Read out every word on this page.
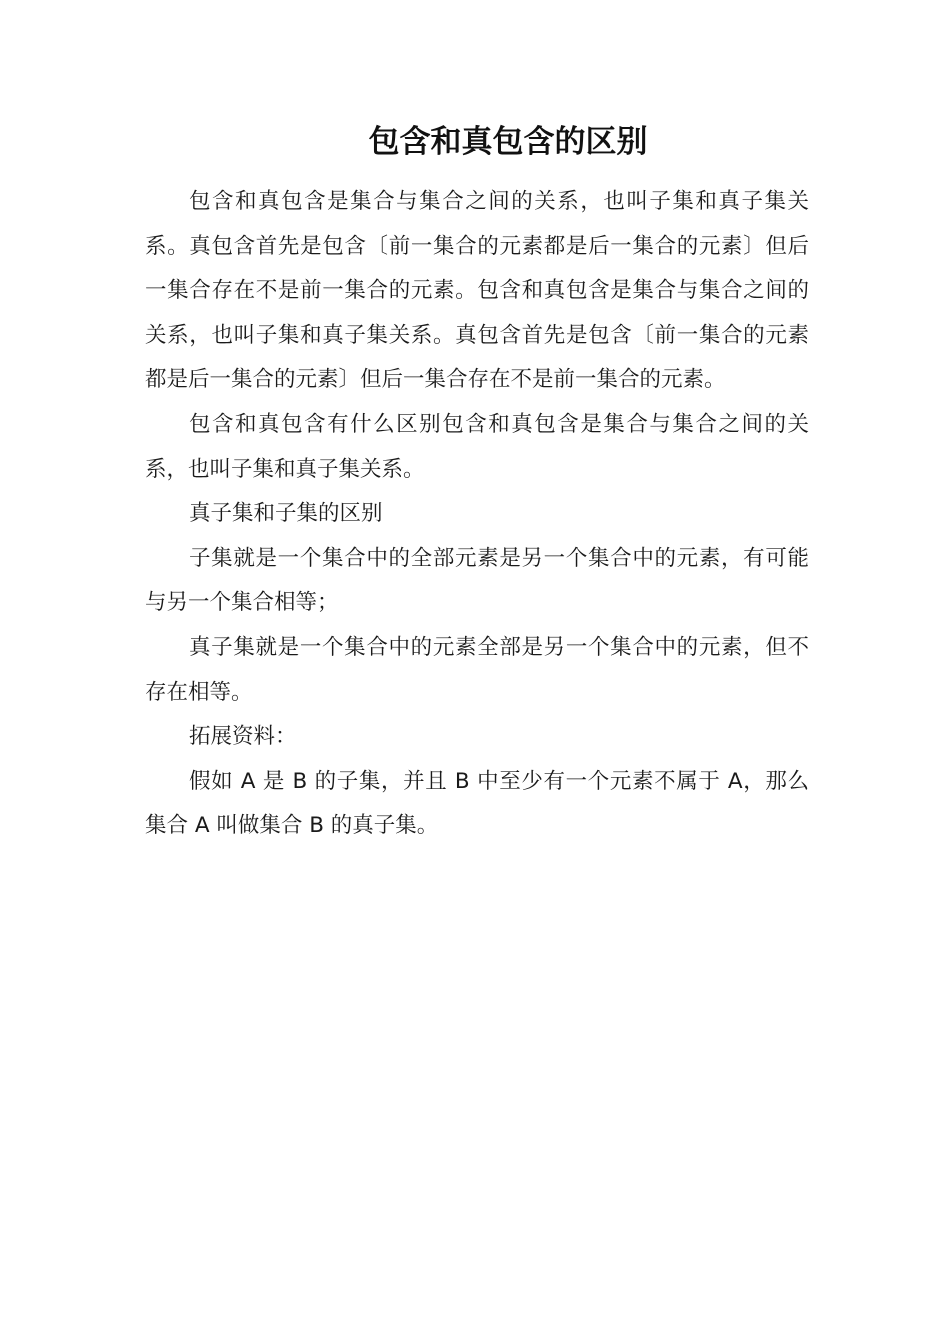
包含和真包含的区别

包含和真包含是集合与集合之间的关系，也叫子集和真子集关系。真包含首先是包含〔前一集合的元素都是后一集合的元素〕但后一集合存在不是前一集合的元素。包含和真包含是集合与集合之间的关系，也叫子集和真子集关系。真包含首先是包含〔前一集合的元素都是后一集合的元素〕但后一集合存在不是前一集合的元素。

包含和真包含有什么区别包含和真包含是集合与集合之间的关系，也叫子集和真子集关系。

真子集和子集的区别

子集就是一个集合中的全部元素是另一个集合中的元素，有可能与另一个集合相等；

真子集就是一个集合中的元素全部是另一个集合中的元素，但不存在相等。

拓展资料：

假如 A 是 B 的子集，并且 B 中至少有一个元素不属于 A，那么集合 A 叫做集合 B 的真子集。
